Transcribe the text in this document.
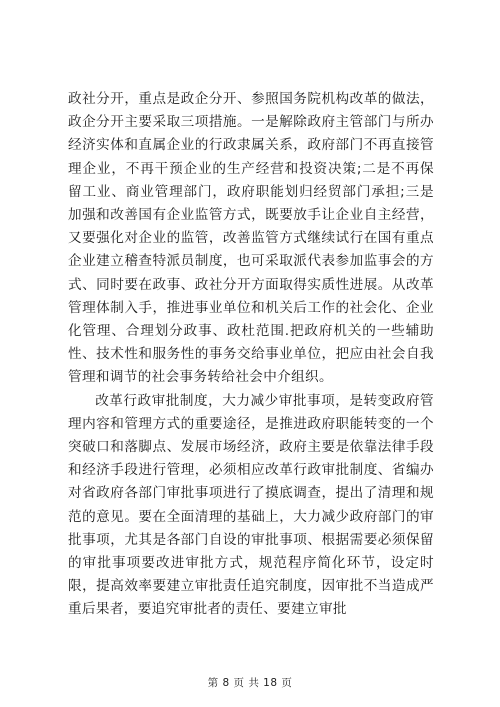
政社分开，重点是政企分开、参照国务院机构改革的做法，政企分开主要采取三项措施。一是解除政府主管部门与所办经济实体和直属企业的行政隶属关系，政府部门不再直接管理企业，不再干预企业的生产经营和投资决策;二是不再保留工业、商业管理部门，政府职能划归经贸部门承担;三是加强和改善国有企业监管方式，既要放手让企业自主经营，又要强化对企业的监管，改善监管方式继续试行在国有重点企业建立稽查特派员制度，也可采取派代表参加监事会的方式、同时要在政事、政社分开方面取得实质性进展。从改革管理体制入手，推进事业单位和机关后工作的社会化、企业化管理、合理划分政事、政杜范围.把政府机关的一些辅助性、技术性和服务性的事务交给事业单位，把应由社会自我管理和调节的社会事务转给社会中介组织。

改革行政审批制度，大力减少审批事项，是转变政府管理内容和管理方式的重要途径，是推进政府职能转变的一个突破口和落脚点、发展市场经济，政府主要是依靠法律手段和经济手段进行管理，必须相应改革行政审批制度、省编办对省政府各部门审批事项进行了摸底调查，提出了清理和规范的意见。要在全面清理的基础上，大力减少政府部门的审批事项，尤其是各部门自设的审批事项、根据需要必须保留的审批事项要改进审批方式，规范程序简化环节，设定时限，提高效率要建立审批责任追究制度，因审批不当造成严重后果者，要追究审批者的责任、要建立审批

第 8 页 共 18 页
